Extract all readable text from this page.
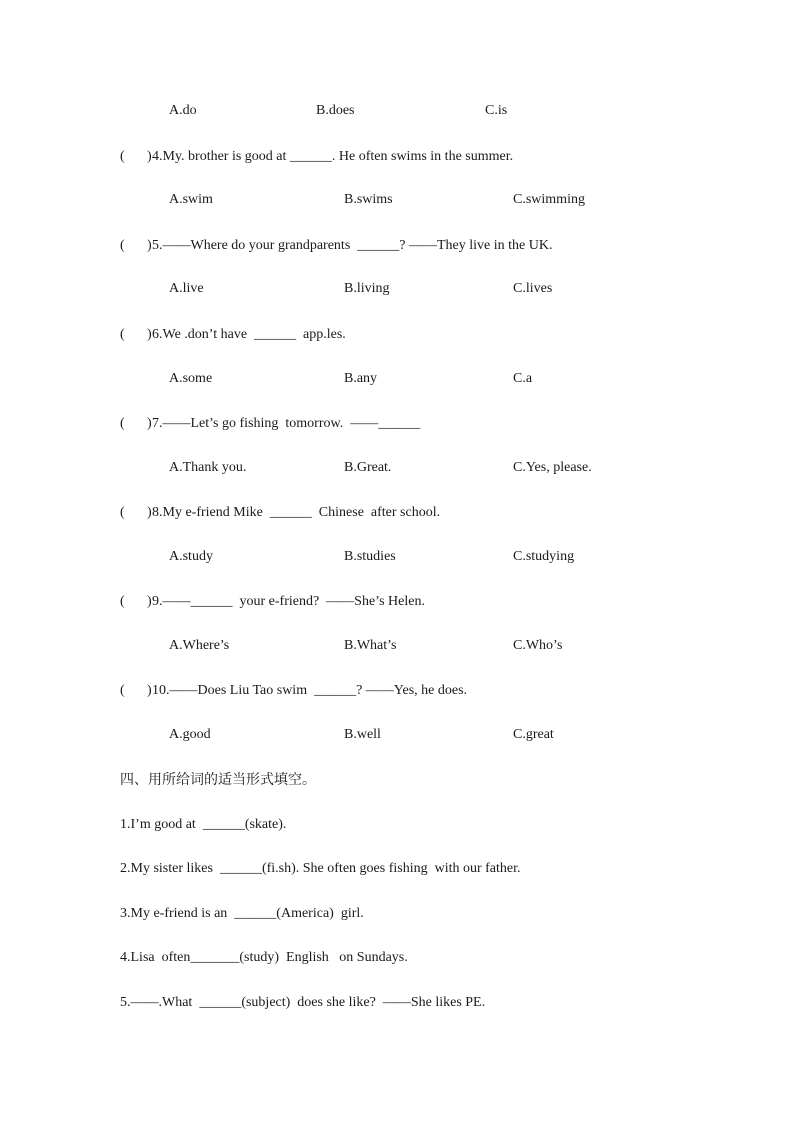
A.do	B.does	C.is
( ) 4.My. brother is good at ______. He often swims in the summer.
A.swim	B.swims	C.swimming
( ) 5.——Where do your grandparents  ______? ——They live in the UK.
A.live	B.living	C.lives
( ) 6.We .don’t have  ______  app.les.
A.some	B.any	C.a
( ) 7.——Let’s go fishing  tomorrow.  ——______
A.Thank you.	B.Great.	C.Yes, please.
( ) 8.My e-friend Mike  ______  Chinese  after school.
A.study	B.studies	C.studying
( ) 9.——______  your e-friend?  ——She’s Helen.
A.Where’s	B.What’s	C.Who’s
( ) 10.——Does Liu Tao swim  ______? ——Yes, he does.
A.good	B.well	C.great
四、用所给词的适当形式填空。
1.I’m good at  ______(skate).
2.My sister likes  ______(fi.sh). She often goes fishing  with our father.
3.My e-friend is an  ______(America)  girl.
4.Lisa  often_______(study)  English   on Sundays.
5.——.What  ______(subject)  does she like?  ——She likes PE.
